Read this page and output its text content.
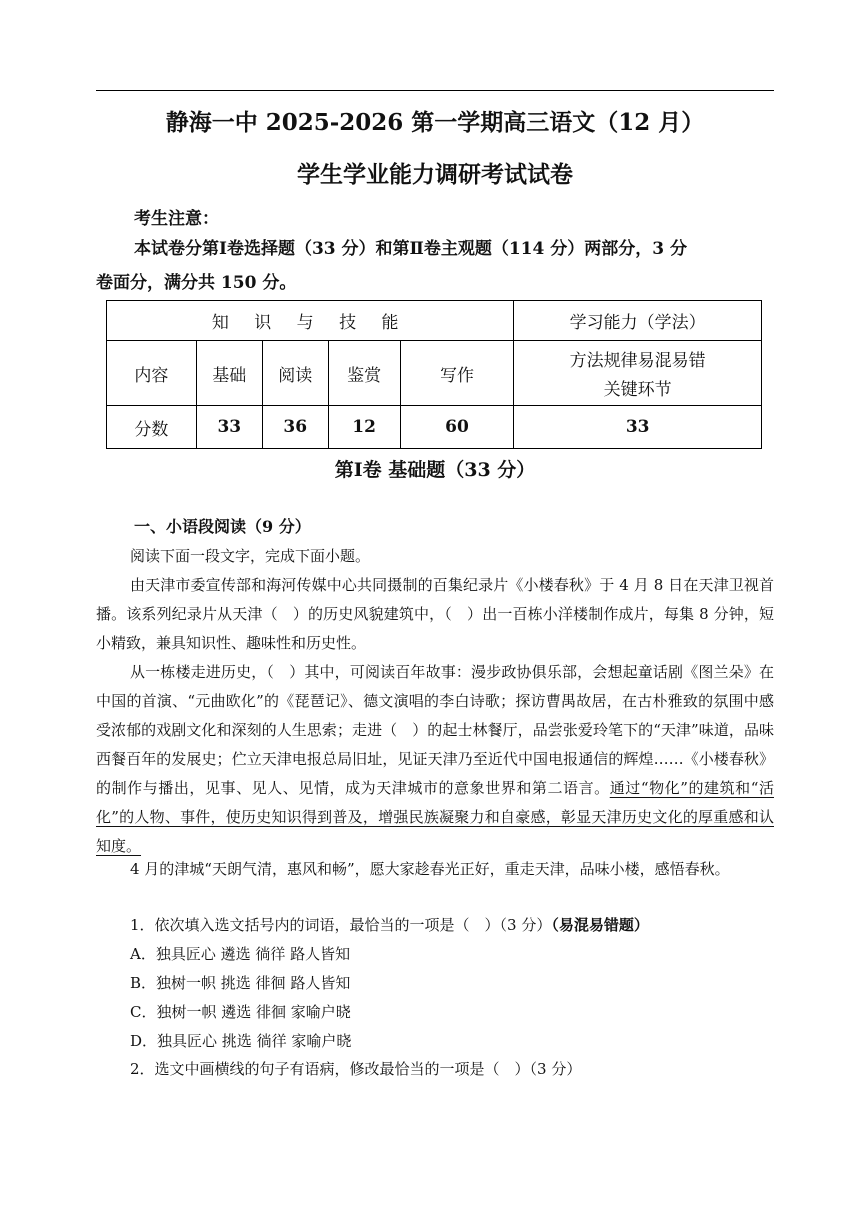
静海一中 2025-2026 第一学期高三语文（12 月）
学生学业能力调研考试试卷
考生注意：
本试卷分第Ⅰ卷选择题（33 分）和第Ⅱ卷主观题（114 分）两部分，3 分
卷面分，满分共 150 分。
知 识 与 技 能					学习能力（学法）
内容	基础	阅读	鉴赏	写作	方法规律易混易错
关键环节

分数	33	36	12	60	33
第Ⅰ卷 基础题（33 分）
一、小语段阅读（9 分）
阅读下面一段文字，完成下面小题。
由天津市委宣传部和海河传媒中心共同摄制的百集纪录片《小楼春秋》于 4 月 8 日在天津卫视首播。该系列纪录片从天津（　）的历史风貌建筑中，（　）出一百栋小洋楼制作成片，每集 8 分钟，短小精致，兼具知识性、趣味性和历史性。
从一栋楼走进历史，（　）其中，可阅读百年故事：漫步政协俱乐部，会想起童话剧《图兰朵》在中国的首演、“元曲欧化”的《琵琶记》、德文演唱的李白诗歌；探访曹禺故居，在古朴雅致的氛围中感受浓郁的戏剧文化和深刻的人生思索；走进（　）的起士林餐厅，品尝张爱玲笔下的“天津”味道，品味西餐百年的发展史；伫立天津电报总局旧址，见证天津乃至近代中国电报通信的辉煌……《小楼春秋》的制作与播出，见事、见人、见情，成为天津城市的意象世界和第二语言。通过“物化”的建筑和“活化”的人物、事件，使历史知识得到普及，增强民族凝聚力和自豪感，彰显天津历史文化的厚重感和认知度。
4 月的津城“天朗气清，惠风和畅”，愿大家趁春光正好，重走天津，品味小楼，感悟春秋。
1．依次填入选文括号内的词语，最恰当的一项是（　）（3 分）（易混易错题）
A．独具匠心 遴选 徜徉 路人皆知
B．独树一帜 挑选 徘徊 路人皆知
C．独树一帜 遴选 徘徊 家喻户晓
D．独具匠心 挑选 徜徉 家喻户晓
2．选文中画横线的句子有语病，修改最恰当的一项是（　）（3 分）
